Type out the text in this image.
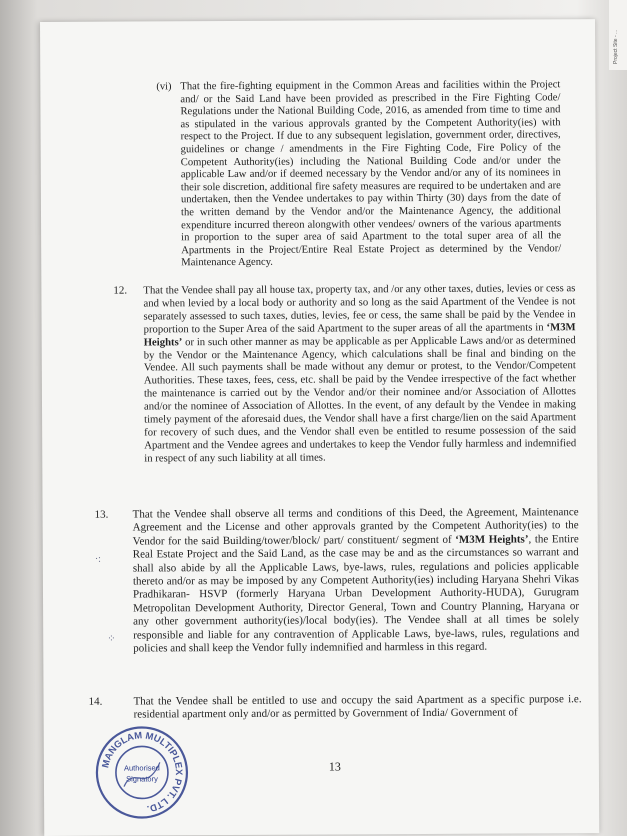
Project Site - ...
(vi) That the fire-fighting equipment in the Common Areas and facilities within the Project and/ or the Said Land have been provided as prescribed in the Fire Fighting Code/ Regulations under the National Building Code, 2016, as amended from time to time and as stipulated in the various approvals granted by the Competent Authority(ies) with respect to the Project. If due to any subsequent legislation, government order, directives, guidelines or change / amendments in the Fire Fighting Code, Fire Policy of the Competent Authority(ies) including the National Building Code and/or under the applicable Law and/or if deemed necessary by the Vendor and/or any of its nominees in their sole discretion, additional fire safety measures are required to be undertaken and are undertaken, then the Vendee undertakes to pay within Thirty (30) days from the date of the written demand by the Vendor and/or the Maintenance Agency, the additional expenditure incurred thereon alongwith other vendees/ owners of the various apartments in proportion to the super area of said Apartment to the total super area of all the Apartments in the Project/Entire Real Estate Project as determined by the Vendor/ Maintenance Agency.

12. That the Vendee shall pay all house tax, property tax, and /or any other taxes, duties, levies or cess as and when levied by a local body or authority and so long as the said Apartment of the Vendee is not separately assessed to such taxes, duties, levies, fee or cess, the same shall be paid by the Vendee in proportion to the Super Area of the said Apartment to the super areas of all the apartments in ‘M3M Heights’ or in such other manner as may be applicable as per Applicable Laws and/or as determined by the Vendor or the Maintenance Agency, which calculations shall be final and binding on the Vendee. All such payments shall be made without any demur or protest, to the Vendor/Competent Authorities. These taxes, fees, cess, etc. shall be paid by the Vendee irrespective of the fact whether the maintenance is carried out by the Vendor and/or their nominee and/or Association of Allottes and/or the nominee of Association of Allottes. In the event, of any default by the Vendee in making timely payment of the aforesaid dues, the Vendor shall have a first charge/lien on the said Apartment for recovery of such dues, and the Vendor shall even be entitled to resume possession of the said Apartment and the Vendee agrees and undertakes to keep the Vendor fully harmless and indemnified in respect of any such liability at all times.

13. That the Vendee shall observe all terms and conditions of this Deed, the Agreement, Maintenance Agreement and the License and other approvals granted by the Competent Authority(ies) to the Vendor for the said Building/tower/block/ part/ constituent/ segment of ‘M3M Heights’, the Entire Real Estate Project and the Said Land, as the case may be and as the circumstances so warrant and shall also abide by all the Applicable Laws, bye-laws, rules, regulations and policies applicable thereto and/or as may be imposed by any Competent Authority(ies) including Haryana Shehri Vikas Pradhikaran- HSVP (formerly Haryana Urban Development Authority-HUDA), Gurugram Metropolitan Development Authority, Director General, Town and Country Planning, Haryana or any other government authority(ies)/local body(ies). The Vendee shall at all times be solely responsible and liable for any contravention of Applicable Laws, bye-laws, rules, regulations and policies and shall keep the Vendor fully indemnified and harmless in this regard.

14.	That the Vendee shall be entitled to use and occupy the said Apartment as a specific purpose i.e. residential apartment only and/or as permitted by Government of India/ Government of

·:
⁘
MANGLAM MULTIPLEX PVT. LTD.
Authorised
Signatory
13
